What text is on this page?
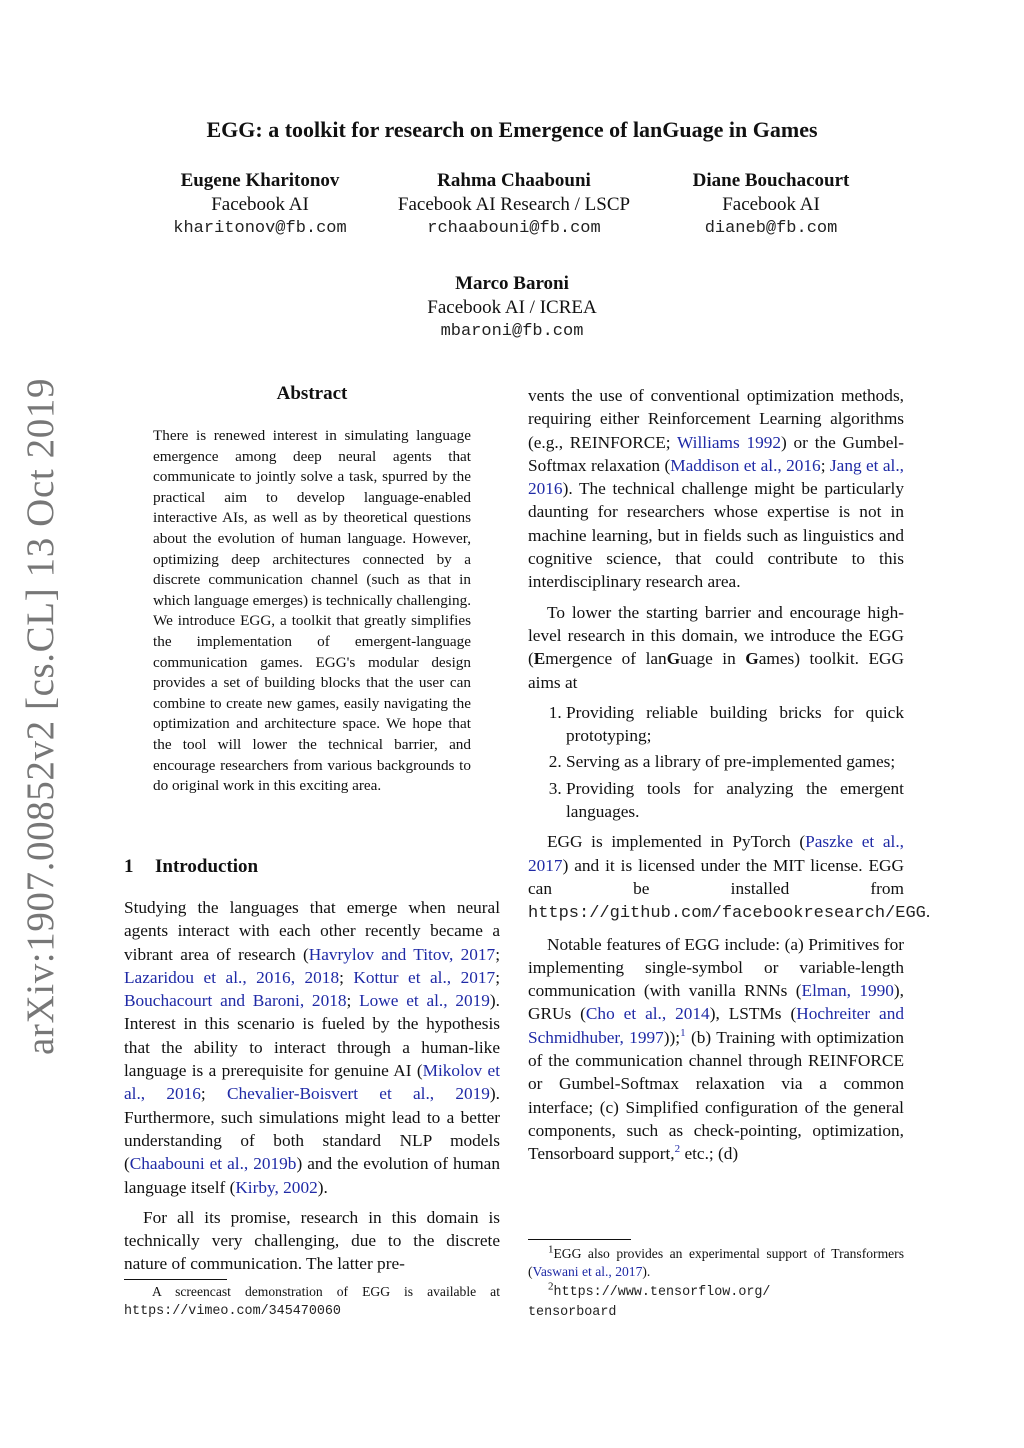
arXiv:1907.00852v2 [cs.CL] 13 Oct 2019
EGG: a toolkit for research on Emergence of lanGuage in Games
Eugene Kharitonov
Facebook AI
kharitonov@fb.com
Rahma Chaabouni
Facebook AI Research / LSCP
rchaabouni@fb.com
Diane Bouchacourt
Facebook AI
dianeb@fb.com
Marco Baroni
Facebook AI / ICREA
mbaroni@fb.com
Abstract
There is renewed interest in simulating language emergence among deep neural agents that communicate to jointly solve a task, spurred by the practical aim to develop language-enabled interactive AIs, as well as by theoretical questions about the evolution of human language. However, optimizing deep architectures connected by a discrete communication channel (such as that in which language emerges) is technically challenging. We introduce EGG, a toolkit that greatly simplifies the implementation of emergent-language communication games. EGG's modular design provides a set of building blocks that the user can combine to create new games, easily navigating the optimization and architecture space. We hope that the tool will lower the technical barrier, and encourage researchers from various backgrounds to do original work in this exciting area.
1 Introduction

Studying the languages that emerge when neural agents interact with each other recently became a vibrant area of research (Havrylov and Titov, 2017; Lazaridou et al., 2016, 2018; Kottur et al., 2017; Bouchacourt and Baroni, 2018; Lowe et al., 2019). Interest in this scenario is fueled by the hypothesis that the ability to interact through a human-like language is a prerequisite for genuine AI (Mikolov et al., 2016; Chevalier-Boisvert et al., 2019). Furthermore, such simulations might lead to a better understanding of both standard NLP models (Chaabouni et al., 2019b) and the evolution of human language itself (Kirby, 2002).

For all its promise, research in this domain is technically very challenging, due to the discrete nature of communication. The latter pre-

A screencast demonstration of EGG is available at https://vimeo.com/345470060

vents the use of conventional optimization methods, requiring either Reinforcement Learning algorithms (e.g., REINFORCE; Williams 1992) or the Gumbel-Softmax relaxation (Maddison et al., 2016; Jang et al., 2016). The technical challenge might be particularly daunting for researchers whose expertise is not in machine learning, but in fields such as linguistics and cognitive science, that could contribute to this interdisciplinary research area.

To lower the starting barrier and encourage high-level research in this domain, we introduce the EGG (Emergence of lanGuage in Games) toolkit. EGG aims at

1. Providing reliable building bricks for quick prototyping;
2. Serving as a library of pre-implemented games;
3. Providing tools for analyzing the emergent languages.

EGG is implemented in PyTorch (Paszke et al., 2017) and it is licensed under the MIT license. EGG can be installed from https://github.com/facebookresearch/EGG.

Notable features of EGG include: (a) Primitives for implementing single-symbol or variable-length communication (with vanilla RNNs (Elman, 1990), GRUs (Cho et al., 2014), LSTMs (Hochreiter and Schmidhuber, 1997));$^1$ (b) Training with optimization of the communication channel through REINFORCE or Gumbel-Softmax relaxation via a common interface; (c) Simplified configuration of the general components, such as check-pointing, optimization, Tensorboard support,$^2$ etc.; (d)

$^1$EGG also provides an experimental support of Transformers (Vaswani et al., 2017).
$^2$https://www.tensorflow.org/
tensorboard
